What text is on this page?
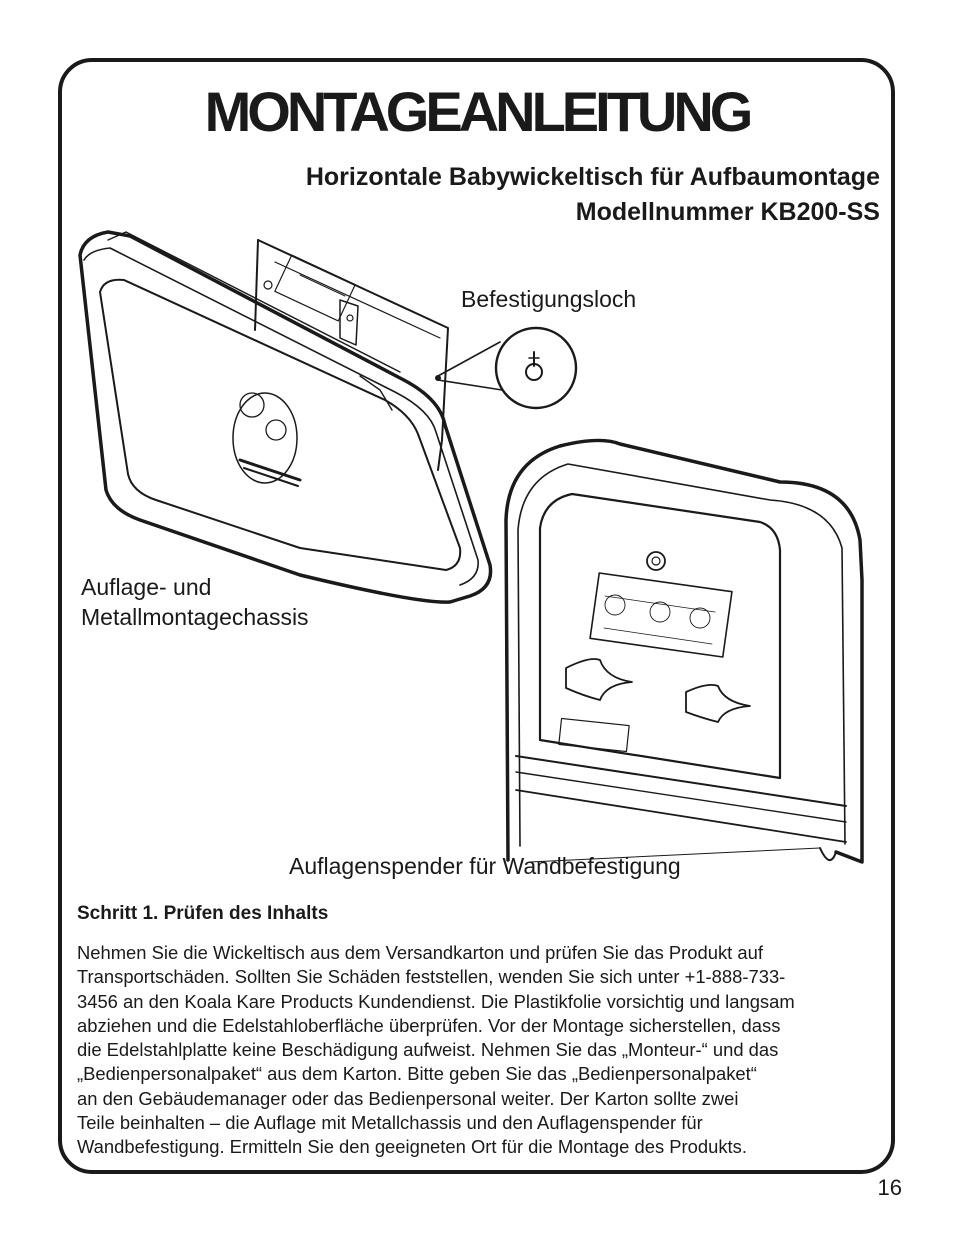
MONTAGEANLEITUNG
Horizontale Babywickeltisch für Aufbaumontage
Modellnummer KB200-SS
Befestigungsloch
Auflage- und
Metallmontagechassis
Auflagenspender für Wandbefestigung
Schritt 1. Prüfen des Inhalts
Nehmen Sie die Wickeltisch aus dem Versandkarton und prüfen Sie das Produkt auf
Transportschäden. Sollten Sie Schäden feststellen, wenden Sie sich unter +1-888-733-
3456 an den Koala Kare Products Kundendienst. Die Plastikfolie vorsichtig und langsam
abziehen und die Edelstahloberfläche überprüfen. Vor der Montage sicherstellen, dass
die Edelstahlplatte keine Beschädigung aufweist. Nehmen Sie das „Monteur-“ und das
„Bedienpersonalpaket“ aus dem Karton. Bitte geben Sie das „Bedienpersonalpaket“
an den Gebäudemanager oder das Bedienpersonal weiter. Der Karton sollte zwei
Teile beinhalten – die Auflage mit Metallchassis und den Auflagenspender für
Wandbefestigung. Ermitteln Sie den geeigneten Ort für die Montage des Produkts.
16
